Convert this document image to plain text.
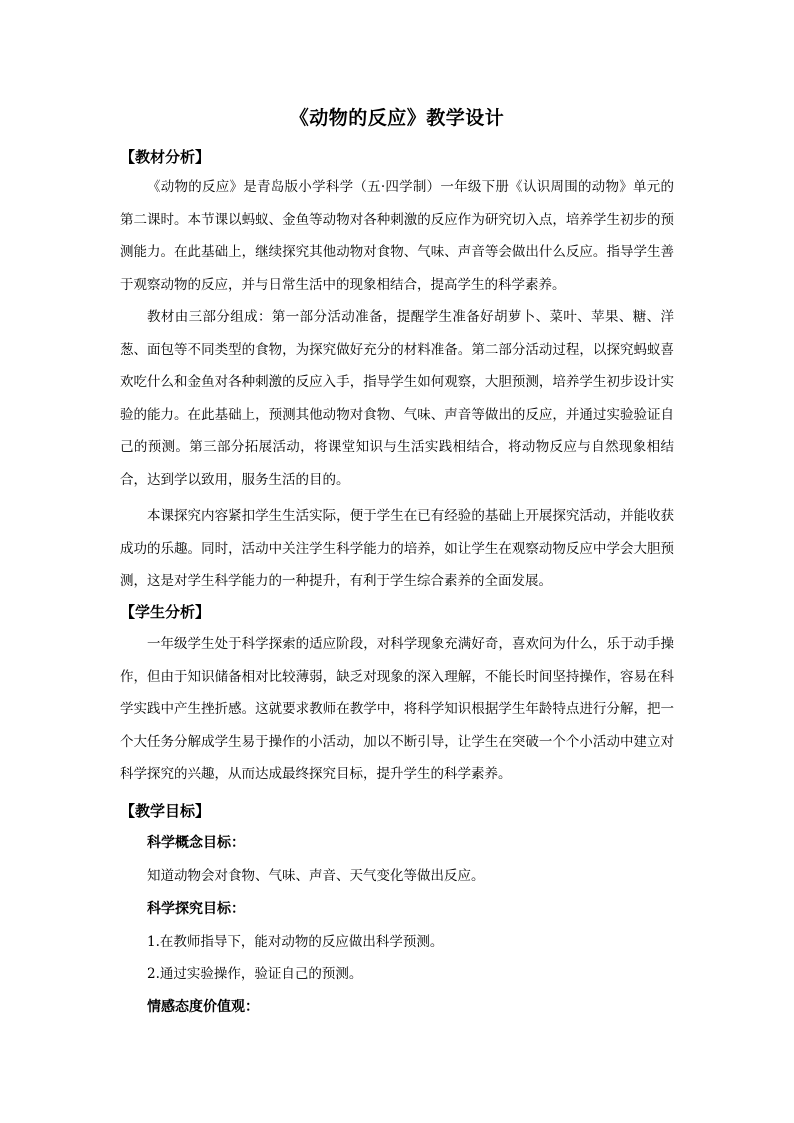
《动物的反应》教学设计
【教材分析】
《动物的反应》是青岛版小学科学（五·四学制）一年级下册《认识周围的动物》单元的第二课时。本节课以蚂蚁、金鱼等动物对各种刺激的反应作为研究切入点，培养学生初步的预测能力。在此基础上，继续探究其他动物对食物、气味、声音等会做出什么反应。指导学生善于观察动物的反应，并与日常生活中的现象相结合，提高学生的科学素养。
教材由三部分组成：第一部分活动准备，提醒学生准备好胡萝卜、菜叶、苹果、糖、洋葱、面包等不同类型的食物，为探究做好充分的材料准备。第二部分活动过程，以探究蚂蚁喜欢吃什么和金鱼对各种刺激的反应入手，指导学生如何观察，大胆预测，培养学生初步设计实验的能力。在此基础上，预测其他动物对食物、气味、声音等做出的反应，并通过实验验证自己的预测。第三部分拓展活动，将课堂知识与生活实践相结合，将动物反应与自然现象相结合，达到学以致用，服务生活的目的。
本课探究内容紧扣学生生活实际，便于学生在已有经验的基础上开展探究活动，并能收获成功的乐趣。同时，活动中关注学生科学能力的培养，如让学生在观察动物反应中学会大胆预测，这是对学生科学能力的一种提升，有利于学生综合素养的全面发展。
【学生分析】
一年级学生处于科学探索的适应阶段，对科学现象充满好奇，喜欢问为什么，乐于动手操作，但由于知识储备相对比较薄弱，缺乏对现象的深入理解，不能长时间坚持操作，容易在科学实践中产生挫折感。这就要求教师在教学中，将科学知识根据学生年龄特点进行分解，把一个大任务分解成学生易于操作的小活动，加以不断引导，让学生在突破一个个小活动中建立对科学探究的兴趣，从而达成最终探究目标，提升学生的科学素养。
【教学目标】
科学概念目标：
知道动物会对食物、气味、声音、天气变化等做出反应。
科学探究目标：
1.在教师指导下，能对动物的反应做出科学预测。
2.通过实验操作，验证自己的预测。
情感态度价值观：
